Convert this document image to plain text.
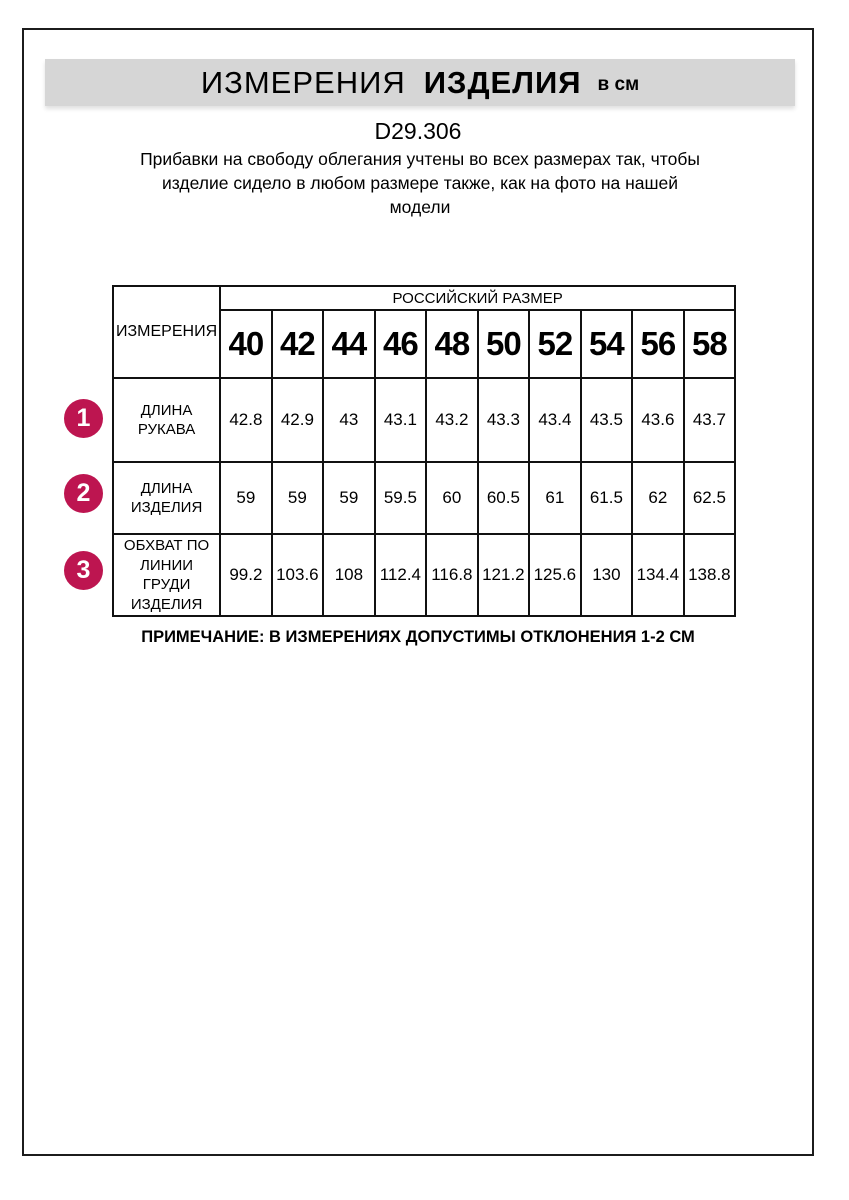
ИЗМЕРЕНИЯ ИЗДЕЛИЯ в см
D29.306
Прибавки на свободу облегания учтены во всех размерах так, чтобы
изделие сидело в любом размере также, как на фото на нашей
модели
ИЗМЕРЕНИЯ	РОССИЙСКИЙ РАЗМЕР									
	40	42	44	46	48	50	52	54	56	58
ДЛИНА РУКАВА	42.8	42.9	43	43.1	43.2	43.3	43.4	43.5	43.6	43.7
ДЛИНА ИЗДЕЛИЯ	59	59	59	59.5	60	60.5	61	61.5	62	62.5
ОБХВАТ ПО ЛИНИИ ГРУДИ ИЗДЕЛИЯ	99.2	103.6	108	112.4	116.8	121.2	125.6	130	134.4	138.8
ПРИМЕЧАНИЕ: В ИЗМЕРЕНИЯХ ДОПУСТИМЫ ОТКЛОНЕНИЯ 1-2 СМ
1
2
3
